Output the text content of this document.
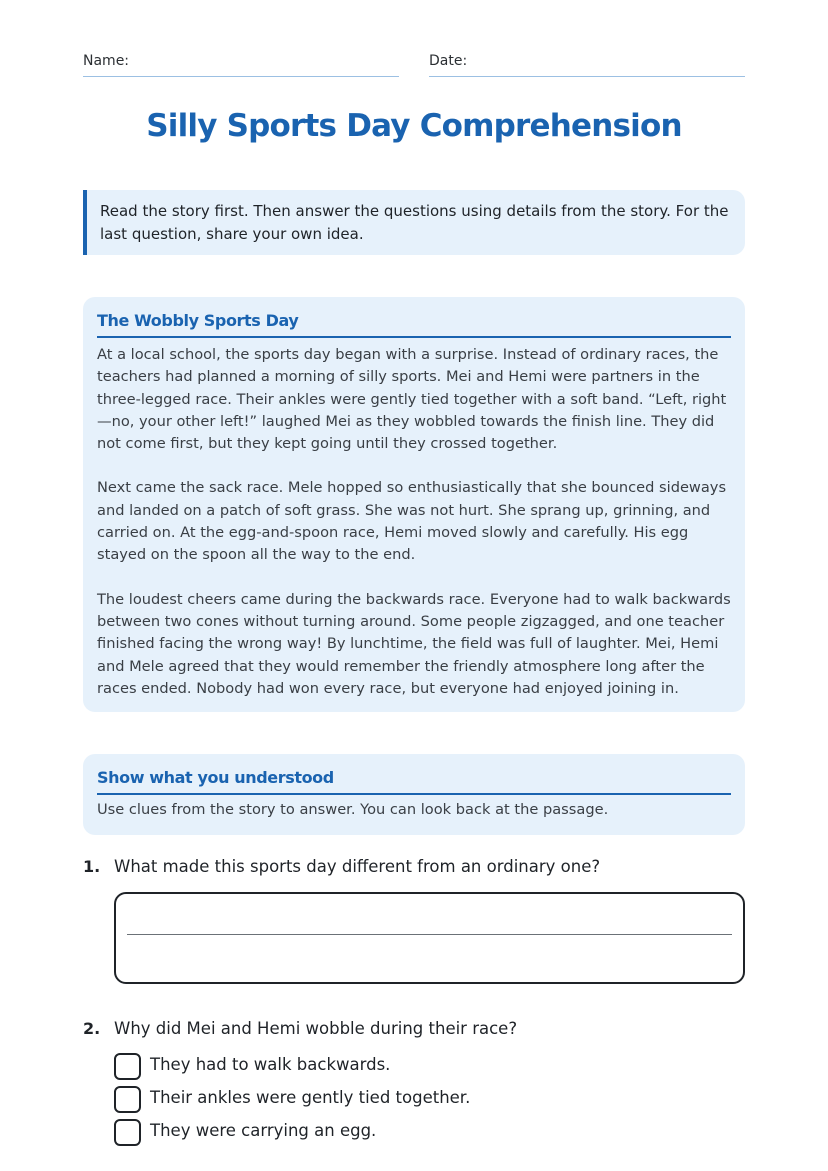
Name:	Date:
Silly Sports Day Comprehension

Read the story first. Then answer the questions using details from the story. For the last question, share your own idea.

The Wobbly Sports Day

At a local school, the sports day began with a surprise. Instead of ordinary races, the teachers had planned a morning of silly sports. Mei and Hemi were partners in the three-legged race. Their ankles were gently tied together with a soft band. “Left, right—no, your other left!” laughed Mei as they wobbled towards the finish line. They did not come first, but they kept going until they crossed together.

Next came the sack race. Mele hopped so enthusiastically that she bounced sideways and landed on a patch of soft grass. She was not hurt. She sprang up, grinning, and carried on. At the egg-and-spoon race, Hemi moved slowly and carefully. His egg stayed on the spoon all the way to the end.

The loudest cheers came during the backwards race. Everyone had to walk backwards between two cones without turning around. Some people zigzagged, and one teacher finished facing the wrong way! By lunchtime, the field was full of laughter. Mei, Hemi and Mele agreed that they would remember the friendly atmosphere long after the races ended. Nobody had won every race, but everyone had enjoyed joining in.

Show what you understood

Use clues from the story to answer. You can look back at the passage.

1. What made this sports day different from an ordinary one?
2. Why did Mei and Hemi wobble during their race?
They had to walk backwards.
Their ankles were gently tied together.
They were carrying an egg.
